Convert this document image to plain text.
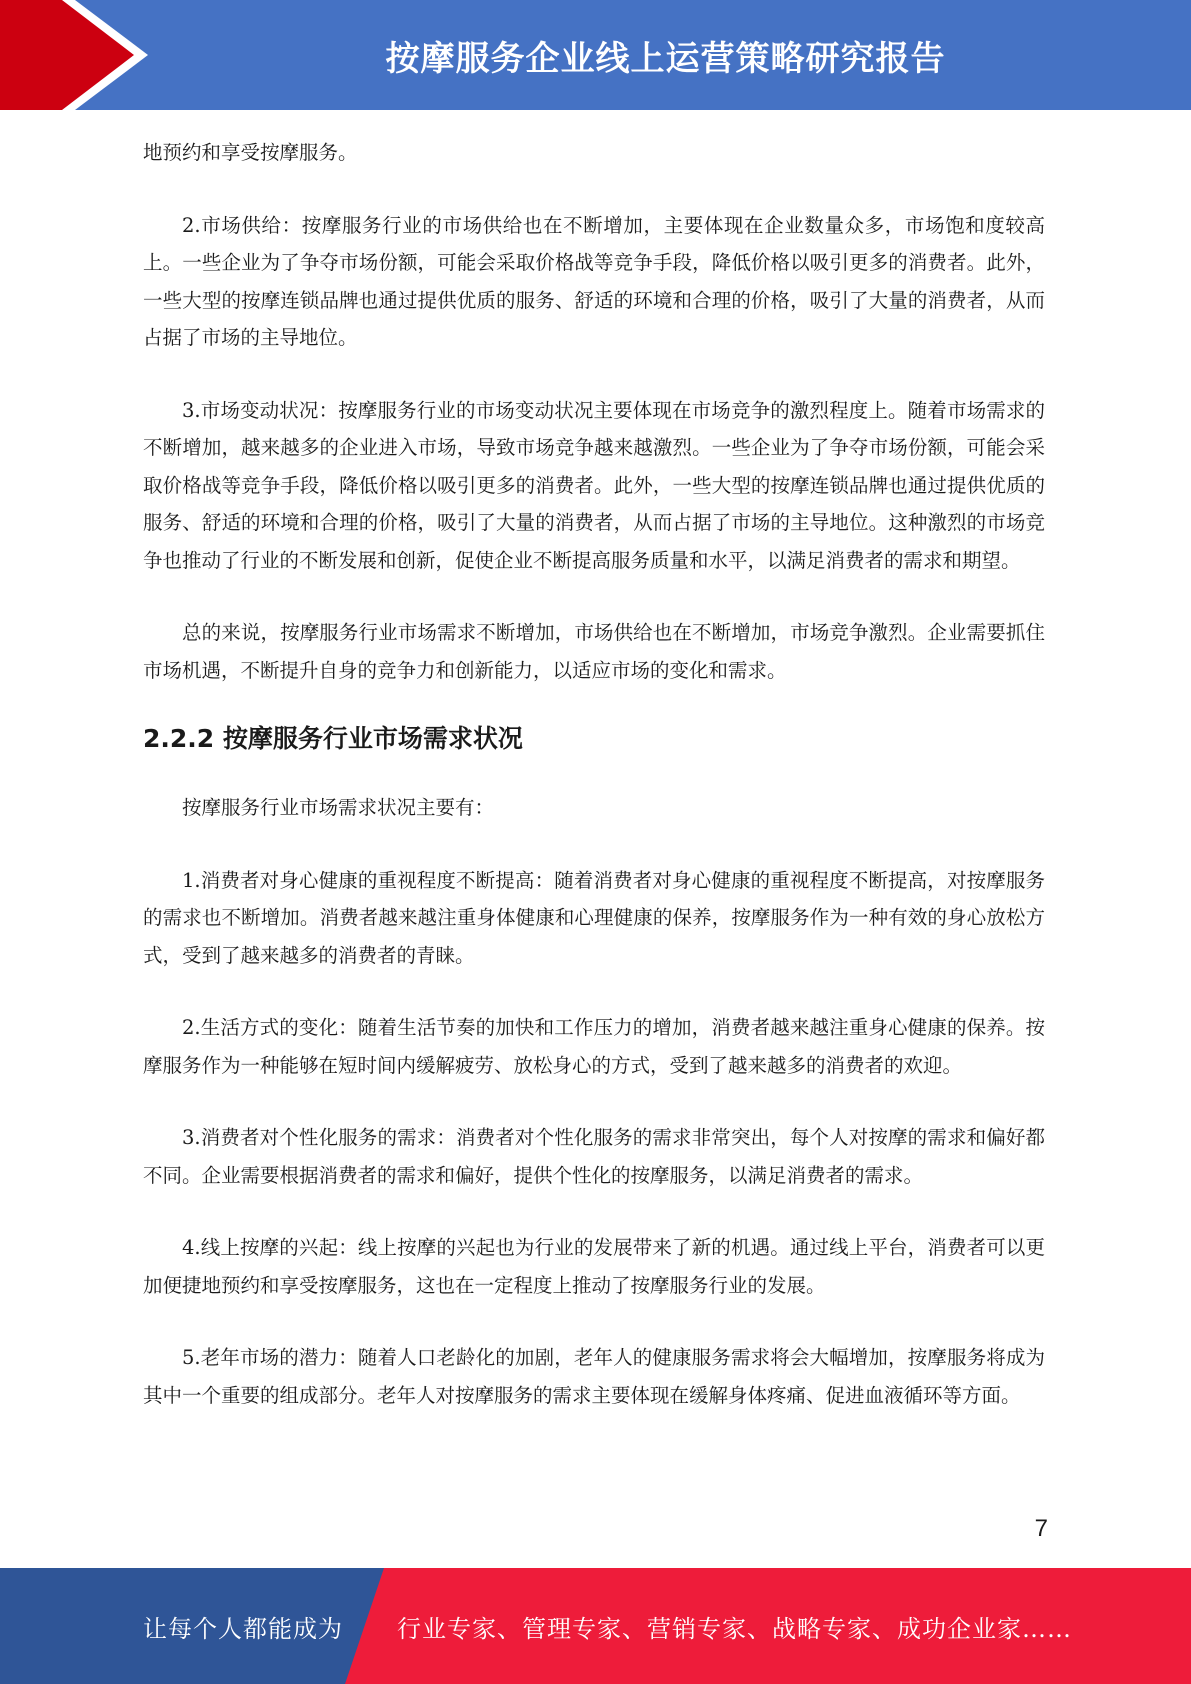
按摩服务企业线上运营策略研究报告

地预约和享受按摩服务。

2.市场供给：按摩服务行业的市场供给也在不断增加，主要体现在企业数量众多，市场饱和度较高上。一些企业为了争夺市场份额，可能会采取价格战等竞争手段，降低价格以吸引更多的消费者。此外，一些大型的按摩连锁品牌也通过提供优质的服务、舒适的环境和合理的价格，吸引了大量的消费者，从而占据了市场的主导地位。

3.市场变动状况：按摩服务行业的市场变动状况主要体现在市场竞争的激烈程度上。随着市场需求的不断增加，越来越多的企业进入市场，导致市场竞争越来越激烈。一些企业为了争夺市场份额，可能会采取价格战等竞争手段，降低价格以吸引更多的消费者。此外，一些大型的按摩连锁品牌也通过提供优质的服务、舒适的环境和合理的价格，吸引了大量的消费者，从而占据了市场的主导地位。这种激烈的市场竞争也推动了行业的不断发展和创新，促使企业不断提高服务质量和水平，以满足消费者的需求和期望。

总的来说，按摩服务行业市场需求不断增加，市场供给也在不断增加，市场竞争激烈。企业需要抓住市场机遇，不断提升自身的竞争力和创新能力，以适应市场的变化和需求。

2.2.2 按摩服务行业市场需求状况

按摩服务行业市场需求状况主要有：

1.消费者对身心健康的重视程度不断提高：随着消费者对身心健康的重视程度不断提高，对按摩服务的需求也不断增加。消费者越来越注重身体健康和心理健康的保养，按摩服务作为一种有效的身心放松方式，受到了越来越多的消费者的青睐。

2.生活方式的变化：随着生活节奏的加快和工作压力的增加，消费者越来越注重身心健康的保养。按摩服务作为一种能够在短时间内缓解疲劳、放松身心的方式，受到了越来越多的消费者的欢迎。

3.消费者对个性化服务的需求：消费者对个性化服务的需求非常突出，每个人对按摩的需求和偏好都不同。企业需要根据消费者的需求和偏好，提供个性化的按摩服务，以满足消费者的需求。

4.线上按摩的兴起：线上按摩的兴起也为行业的发展带来了新的机遇。通过线上平台，消费者可以更加便捷地预约和享受按摩服务，这也在一定程度上推动了按摩服务行业的发展。

5.老年市场的潜力：随着人口老龄化的加剧，老年人的健康服务需求将会大幅增加，按摩服务将成为其中一个重要的组成部分。老年人对按摩服务的需求主要体现在缓解身体疼痛、促进血液循环等方面。

7
让每个人都能成为 行业专家、管理专家、营销专家、战略专家、成功企业家……
